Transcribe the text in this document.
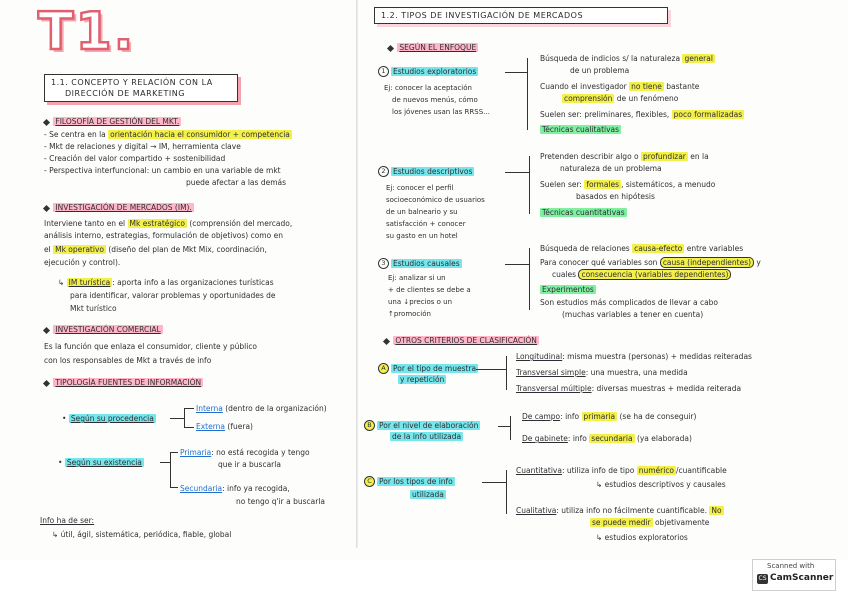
T1.
1.1. CONCEPTO Y RELACIÓN CON LA
DIRECCIÓN DE MARKETING
FILOSOFÍA DE GESTIÓN DEL MKT.
- Se centra en la orientación hacia el consumidor + competencia
- Mkt de relaciones y digital → IM, herramienta clave
- Creación del valor compartido + sostenibilidad
- Perspectiva interfuncional: un cambio en una variable de mkt
puede afectar a las demás
INVESTIGACIÓN DE MERCADOS (IM).
Interviene tanto en el Mk estratégico (comprensión del mercado,
análisis interno, estrategias, formulación de objetivos) como en
el Mk operativo (diseño del plan de Mkt Mix, coordinación,
ejecución y control).
↳ IM turística : aporta info a las organizaciones turísticas
para identificar, valorar problemas y oportunidades de
Mkt turístico
INVESTIGACIÓN COMERCIAL
Es la función que enlaza el consumidor, cliente y público
con los responsables de Mkt a través de info
TIPOLOGÍA FUENTES DE INFORMACIÓN
• Según su procedencia
Interna (dentro de la organización)
Externa (fuera)
• Según su existencia
Primaria: no está recogida y tengo
que ir a buscarla
Secundaria: info ya recogida,
no tengo q'ir a buscarla
Info ha de ser:
↳ útil, ágil, sistemática, periódica, fiable, global
1.2. TIPOS DE INVESTIGACIÓN DE MERCADOS
SEGÚN EL ENFOQUE
1 Estudios exploratorios
Ej: conocer la aceptación
de nuevos menús, cómo
los jóvenes usan las RRSS...
Búsqueda de indicios s/ la naturaleza general
de un problema
Cuando el investigador no tiene bastante
comprensión de un fenómeno
Suelen ser: preliminares, flexibles, poco formalizadas
Técnicas cualitativas
2 Estudios descriptivos
Ej: conocer el perfil
socioeconómico de usuarios
de un balneario y su
satisfacción + conocer
su gasto en un hotel
Pretenden describir algo o profundizar en la
naturaleza de un problema
Suelen ser: formales , sistemáticos, a menudo
basados en hipótesis
Técnicas cuantitativas
3 Estudios causales
Ej: analizar si un
+ de clientes se debe a
una ↓precios o un
↑promoción
Búsqueda de relaciones causa-efecto entre variables
Para conocer qué variables son causa (independientes) y
cuales consecuencia (variables dependientes)
Experimentos
Son estudios más complicados de llevar a cabo
(muchas variables a tener en cuenta)
OTROS CRITERIOS DE CLASIFICACIÓN
A Por el tipo de muestra
y repetición
Longitudinal: misma muestra (personas) + medidas reiteradas
Transversal simple: una muestra, una medida
Transversal múltiple: diversas muestras + medida reiterada
B Por el nivel de elaboración
de la info utilizada
De campo: info primaria (se ha de conseguir)
De gabinete: info secundaria (ya elaborada)
C Por los tipos de info
utilizada
Cuantitativa: utiliza info de tipo numérico /cuantificable
↳ estudios descriptivos y causales
Cualitativa: utiliza info no fácilmente cuantificable. No
se puede medir objetivamente
↳ estudios exploratorios
Scanned with
CS CamScanner
